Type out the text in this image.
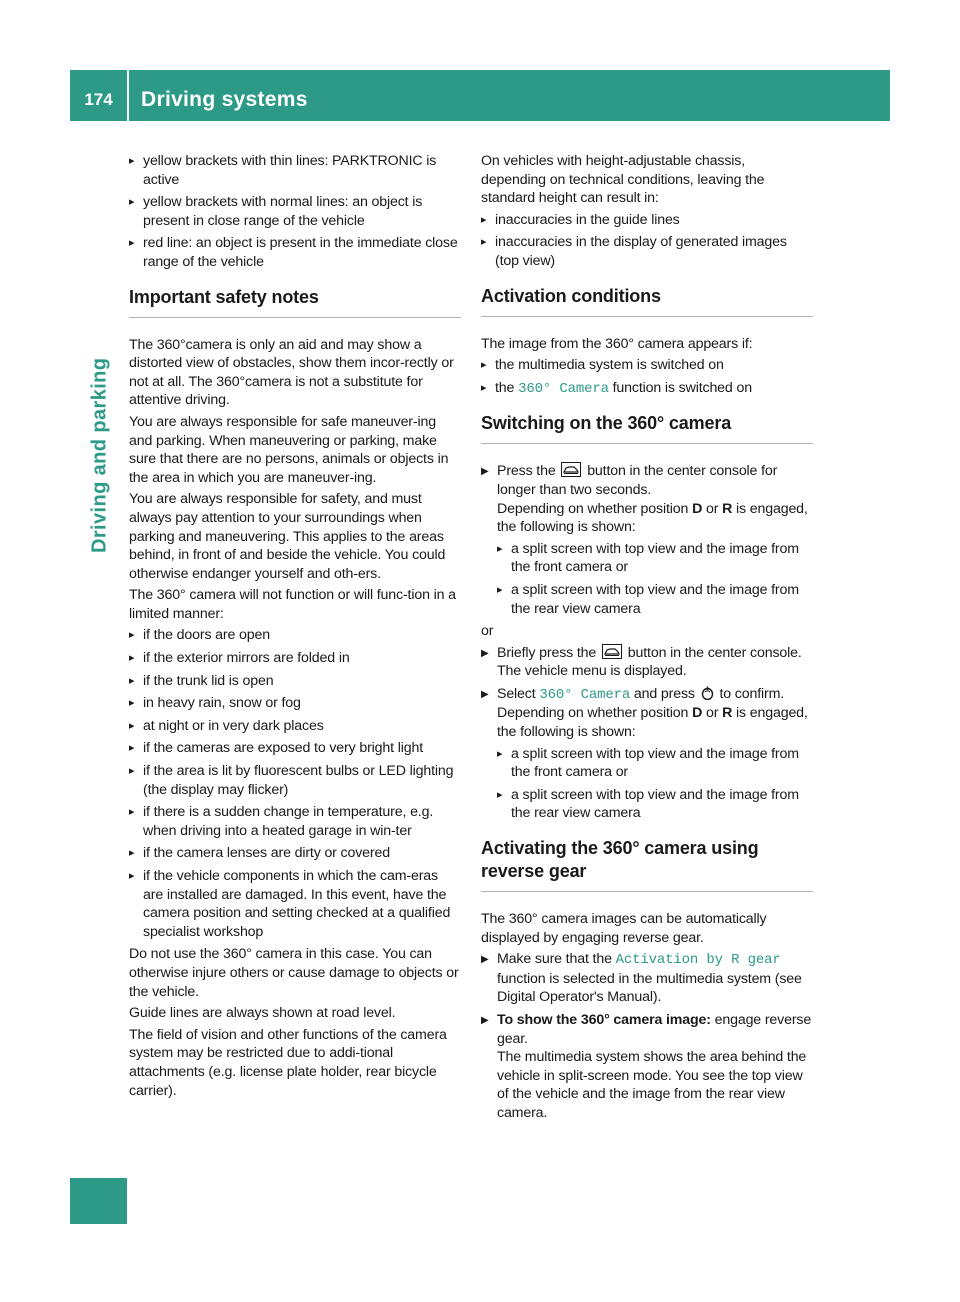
174	Driving systems
Driving and parking
▸ yellow brackets with thin lines: PARKTRONIC is active
▸ yellow brackets with normal lines: an object is present in close range of the vehicle
▸ red line: an object is present in the immediate close range of the vehicle
Important safety notes

The 360°camera is only an aid and may show a distorted view of obstacles, show them incor-rectly or not at all. The 360°camera is not a substitute for attentive driving.

You are always responsible for safe maneuver-ing and parking. When maneuvering or parking, make sure that there are no persons, animals or objects in the area in which you are maneuver-ing.

You are always responsible for safety, and must always pay attention to your surroundings when parking and maneuvering. This applies to the areas behind, in front of and beside the vehicle. You could otherwise endanger yourself and oth-ers.

The 360° camera will not function or will func-tion in a limited manner:

▸ if the doors are open
▸ if the exterior mirrors are folded in
▸ if the trunk lid is open
▸ in heavy rain, snow or fog
▸ at night or in very dark places
▸ if the cameras are exposed to very bright light
▸ if the area is lit by fluorescent bulbs or LED lighting (the display may flicker)
▸ if there is a sudden change in temperature, e.g. when driving into a heated garage in win-ter
▸ if the camera lenses are dirty or covered
▸ if the vehicle components in which the cam-eras are installed are damaged. In this event, have the camera position and setting checked at a qualified specialist workshop

Do not use the 360° camera in this case. You can otherwise injure others or cause damage to objects or the vehicle.

Guide lines are always shown at road level.

The field of vision and other functions of the camera system may be restricted due to addi-tional attachments (e.g. license plate holder, rear bicycle carrier).

On vehicles with height-adjustable chassis, depending on technical conditions, leaving the standard height can result in:

▸ inaccuracies in the guide lines
▸ inaccuracies in the display of generated images (top view)
Activation conditions

The image from the 360° camera appears if:

▸ the multimedia system is switched on
▸ the 360° Camera function is switched on
Switching on the 360° camera
▶ Press the button in the center console for longer than two seconds.
Depending on whether position D or R is engaged, the following is shown:
▸ a split screen with top view and the image from the front camera or
▸ a split screen with top view and the image from the rear view camera

or

▶ Briefly press the button in the center console.
The vehicle menu is displayed.
▶ Select 360° Camera and press to confirm.
Depending on whether position D or R is engaged, the following is shown:
▸ a split screen with top view and the image from the front camera or
▸ a split screen with top view and the image from the rear view camera
Activating the 360° camera using reverse gear

The 360° camera images can be automatically displayed by engaging reverse gear.

▶ Make sure that the Activation by R gear function is selected in the multimedia system (see Digital Operator's Manual).
▶ To show the 360° camera image: engage reverse gear.
The multimedia system shows the area behind the vehicle in split-screen mode. You see the top view of the vehicle and the image from the rear view camera.
